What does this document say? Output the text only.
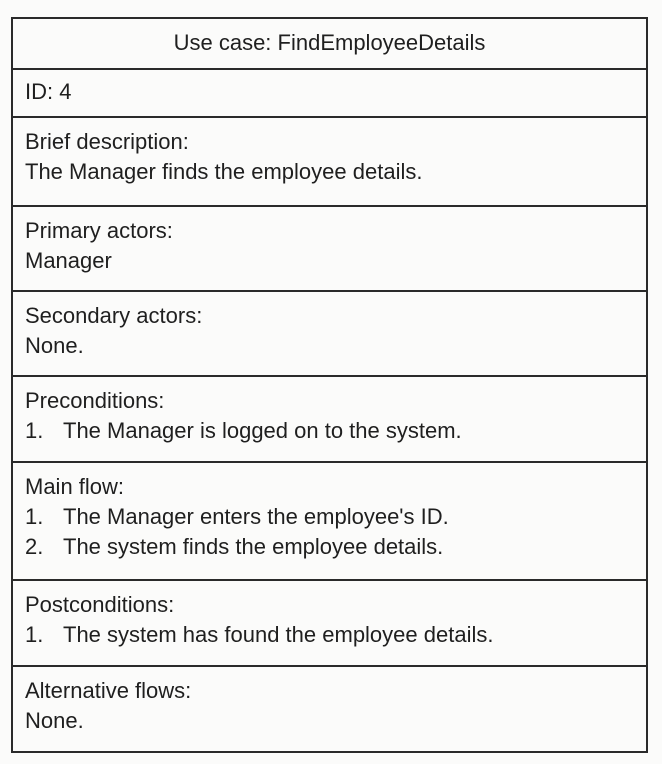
Use case: FindEmployeeDetails
ID: 4
Brief description:
The Manager finds the employee details.
Primary actors:
Manager
Secondary actors:
None.
Preconditions:
1. The Manager is logged on to the system.
Main flow:
1. The Manager enters the employee's ID.
2. The system finds the employee details.
Postconditions:
1. The system has found the employee details.
Alternative flows:
None.
